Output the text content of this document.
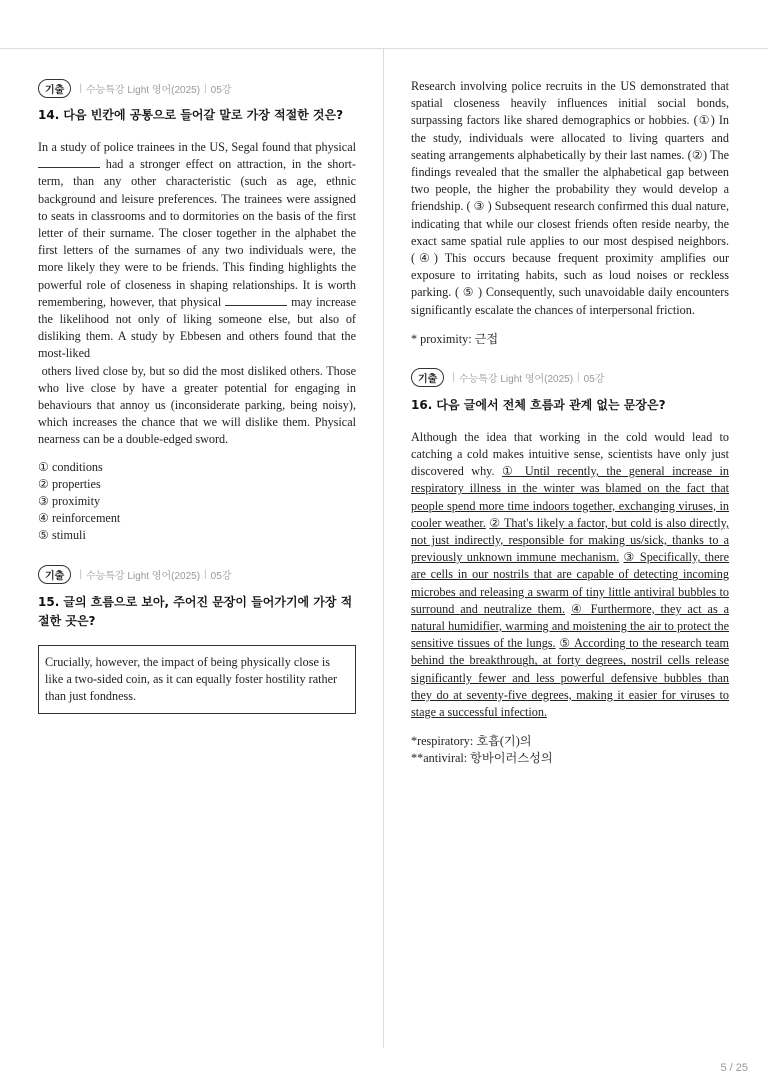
기출	| 수능특강 Light 영어(2025) | 05강
14. 다음 빈칸에 공통으로 들어갈 말로 가장 적절한 것은?

In a study of police trainees in the US, Segal found that physical  had a stronger effect on attraction, in the short-term, than any other characteristic (such as age, ethnic background and leisure preferences. The trainees were assigned to seats in classrooms and to dormitories on the basis of the first letter of their surname. The closer together in the alphabet the first letters of the surnames of any two individuals were, the more likely they were to be friends. This finding highlights the powerful role of closeness in shaping relationships. It is worth remembering, however, that physical	may increase the likelihood not only of liking someone else, but also of disliking them. A study by Ebbesen and others found that the most-liked
others lived close by, but so did the most disliked others. Those who live close by have a greater potential for engaging in behaviours that annoy us (inconsiderate parking, being noisy), which increases the chance that we will dislike them. Physical nearness can be a double-edged sword.

① conditions
② properties
③ proximity
④ reinforcement
⑤ stimuli
기출	| 수능특강 Light 영어(2025) | 05강
15. 글의 흐름으로 보아, 주어진 문장이 들어가기에 가장 적절한 곳은?
Crucially, however, the impact of being physically close is like a two-sided coin, as it can equally foster hostility rather than just fondness.

Research involving police recruits in the US demonstrated that spatial closeness heavily influences initial social bonds, surpassing factors like shared demographics or hobbies. (①) In the study, individuals were allocated to living quarters and seating arrangements alphabetically by their last names. (②) The findings revealed that the smaller the alphabetical gap between two people, the higher the probability they would develop a friendship. ( ③ ) Subsequent research confirmed this dual nature, indicating that while our closest friends often reside nearby, the exact same spatial rule applies to our most despised neighbors. (④) This occurs because frequent proximity amplifies our exposure to irritating habits, such as loud noises or reckless parking. ( ⑤ ) Consequently, such unavoidable daily encounters significantly escalate the chances of interpersonal friction.

* proximity: 근접
기출	| 수능특강 Light 영어(2025) | 05강
16. 다음 글에서 전체 흐름과 관계 없는 문장은?

Although the idea that working in the cold would lead to catching a cold makes intuitive sense, scientists have only just discovered why. ① Until recently, the general increase in respiratory illness in the winter was blamed on the fact that people spend more time indoors together, exchanging viruses, in cooler weather. ② That's likely a factor, but cold is also directly, not just indirectly, responsible for making us/sick, thanks to a previously unknown immune mechanism. ③ Specifically, there are cells in our nostrils that are capable of detecting incoming microbes and releasing a swarm of tiny little antiviral bubbles to surround and neutralize them. ④ Furthermore, they act as a natural humidifier, warming and moistening the air to protect the sensitive tissues of the lungs. ⑤ According to the research team behind the breakthrough, at forty degrees, nostril cells release significantly fewer and less powerful defensive bubbles than they do at seventy-five degrees, making it easier for viruses to stage a successful infection.

*respiratory: 호흡(기)의
**antiviral: 항바이러스성의
5 / 25
